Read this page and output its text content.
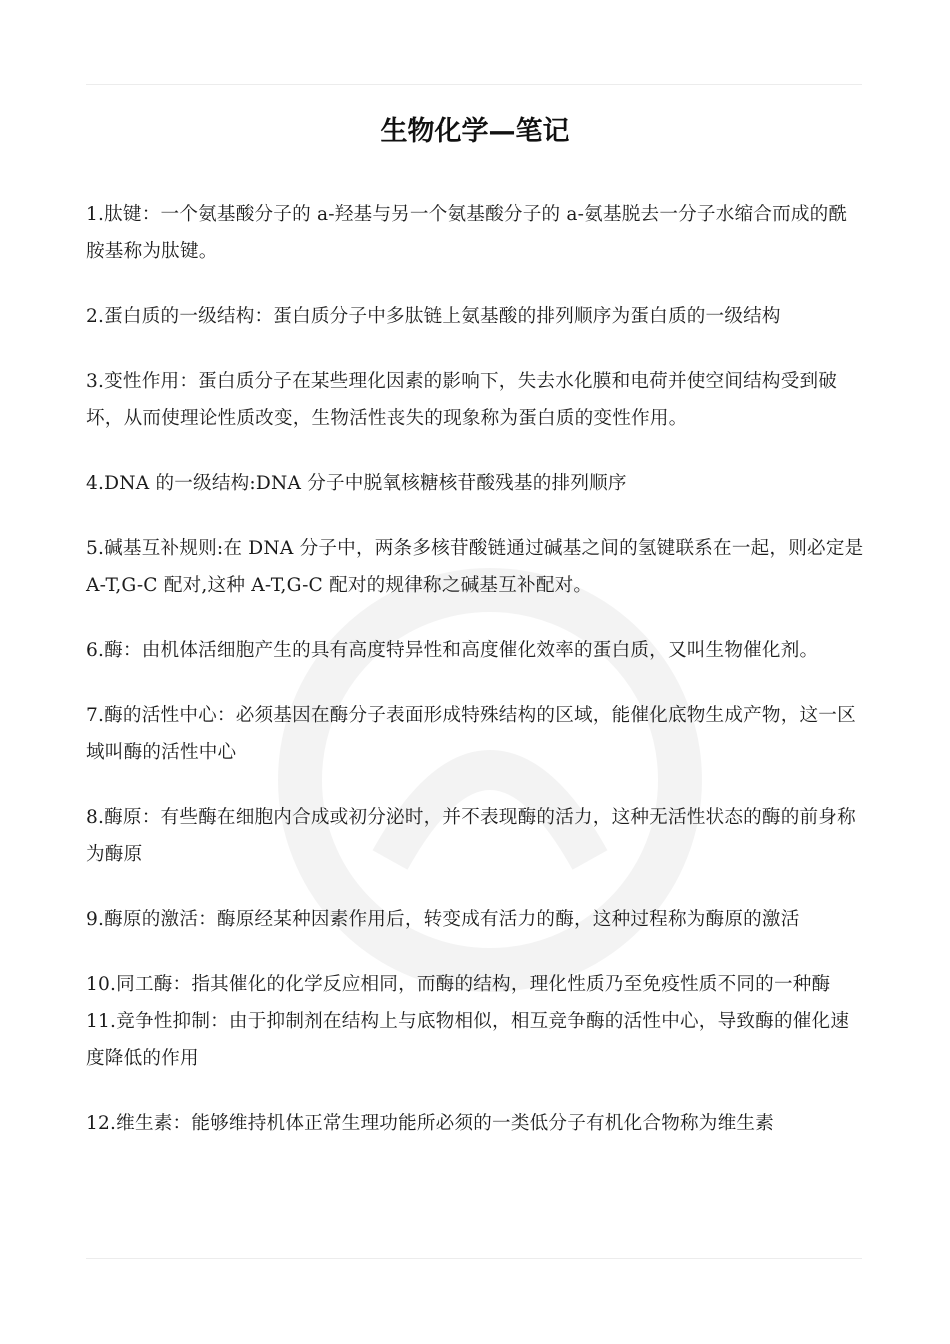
生物化学—笔记

1.肽键：一个氨基酸分子的 a-羟基与另一个氨基酸分子的 a-氨基脱去一分子水缩合而成的酰胺基称为肽键。

2.蛋白质的一级结构：蛋白质分子中多肽链上氨基酸的排列顺序为蛋白质的一级结构

3.变性作用：蛋白质分子在某些理化因素的影响下，失去水化膜和电荷并使空间结构受到破坏，从而使理论性质改变，生物活性丧失的现象称为蛋白质的变性作用。

4.DNA 的一级结构:DNA 分子中脱氧核糖核苷酸残基的排列顺序

5.碱基互补规则:在 DNA 分子中，两条多核苷酸链通过碱基之间的氢键联系在一起，则必定是 A-T,G-C 配对,这种 A-T,G-C 配对的规律称之碱基互补配对。

6.酶：由机体活细胞产生的具有高度特异性和高度催化效率的蛋白质，又叫生物催化剂。

7.酶的活性中心：必须基因在酶分子表面形成特殊结构的区域，能催化底物生成产物，这一区域叫酶的活性中心

8.酶原：有些酶在细胞内合成或初分泌时，并不表现酶的活力，这种无活性状态的酶的前身称为酶原

9.酶原的激活：酶原经某种因素作用后，转变成有活力的酶，这种过程称为酶原的激活

10.同工酶：指其催化的化学反应相同，而酶的结构，理化性质乃至免疫性质不同的一种酶 11.竞争性抑制：由于抑制剂在结构上与底物相似，相互竞争酶的活性中心，导致酶的催化速度降低的作用

12.维生素：能够维持机体正常生理功能所必须的一类低分子有机化合物称为维生素
